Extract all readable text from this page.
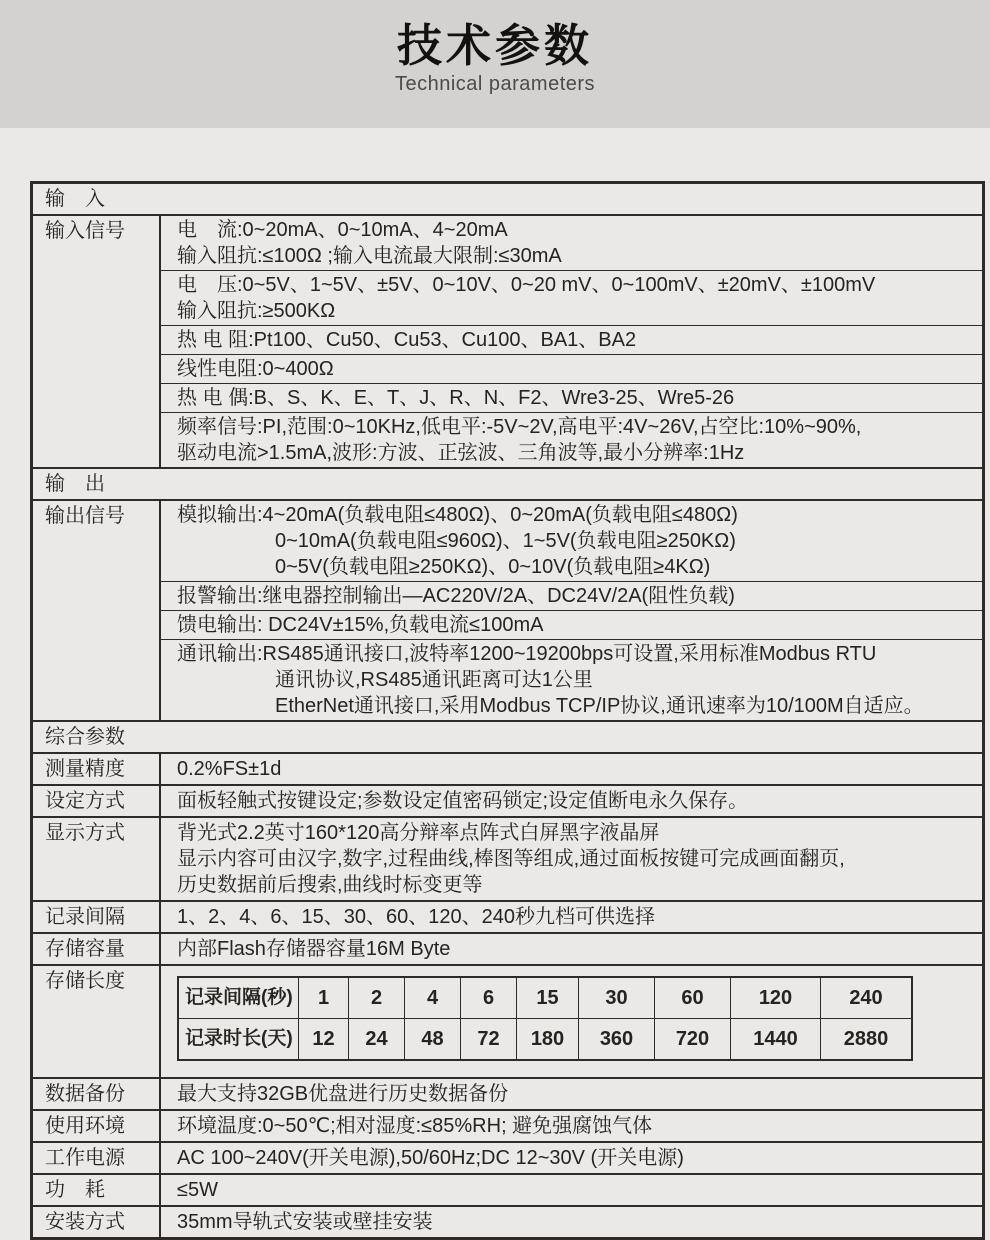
技术参数
Technical parameters
输　入
输入信号	电　流:0~20mA、0~10mA、4~20mA
输入阻抗:≤100Ω ;输入电流最大限制:≤30mA
电　压:0~5V、1~5V、±5V、0~10V、0~20 mV、0~100mV、±20mV、±100mV
输入阻抗:≥500KΩ
热 电 阻:Pt100、Cu50、Cu53、Cu100、BA1、BA2
线性电阻:0~400Ω
热 电 偶:B、S、K、E、T、J、R、N、F2、Wre3-25、Wre5-26
频率信号:PI,范围:0~10KHz,低电平:-5V~2V,高电平:4V~26V,占空比:10%~90%,
驱动电流>1.5mA,波形:方波、正弦波、三角波等,最小分辨率:1Hz
输　出
输出信号	模拟输出:4~20mA(负载电阻≤480Ω)、0~20mA(负载电阻≤480Ω)
0~10mA(负载电阻≤960Ω)、1~5V(负载电阻≥250KΩ)
0~5V(负载电阻≥250KΩ)、0~10V(负载电阻≥4KΩ)
报警输出:继电器控制输出—AC220V/2A、DC24V/2A(阻性负载)
馈电输出: DC24V±15%,负载电流≤100mA
通讯输出:RS485通讯接口,波特率1200~19200bps可设置,采用标准Modbus RTU
通讯协议,RS485通讯距离可达1公里
EtherNet通讯接口,采用Modbus TCP/IP协议,通讯速率为10/100M自适应。
综合参数
测量精度	0.2%FS±1d
设定方式	面板轻触式按键设定;参数设定值密码锁定;设定值断电永久保存。
显示方式	背光式2.2英寸160*120高分辩率点阵式白屏黑字液晶屏
显示内容可由汉字,数字,过程曲线,棒图等组成,通过面板按键可完成画面翻页,
历史数据前后搜索,曲线时标变更等
记录间隔	1、2、4、6、15、30、60、120、240秒九档可供选择
存储容量	内部Flash存储器容量16M Byte
存储长度
记录间隔(秒)	1	2	4	6	15	30	60	120	240
记录时长(天) 12	24	48	72	180	360	720	1440	2880
数据备份	最大支持32GB优盘进行历史数据备份
使用环境	环境温度:0~50℃;相对湿度:≤85%RH; 避免强腐蚀气体
工作电源	AC 100~240V(开关电源),50/60Hz;DC 12~30V (开关电源)
功　耗	≤5W
安装方式	35mm导轨式安装或壁挂安装
